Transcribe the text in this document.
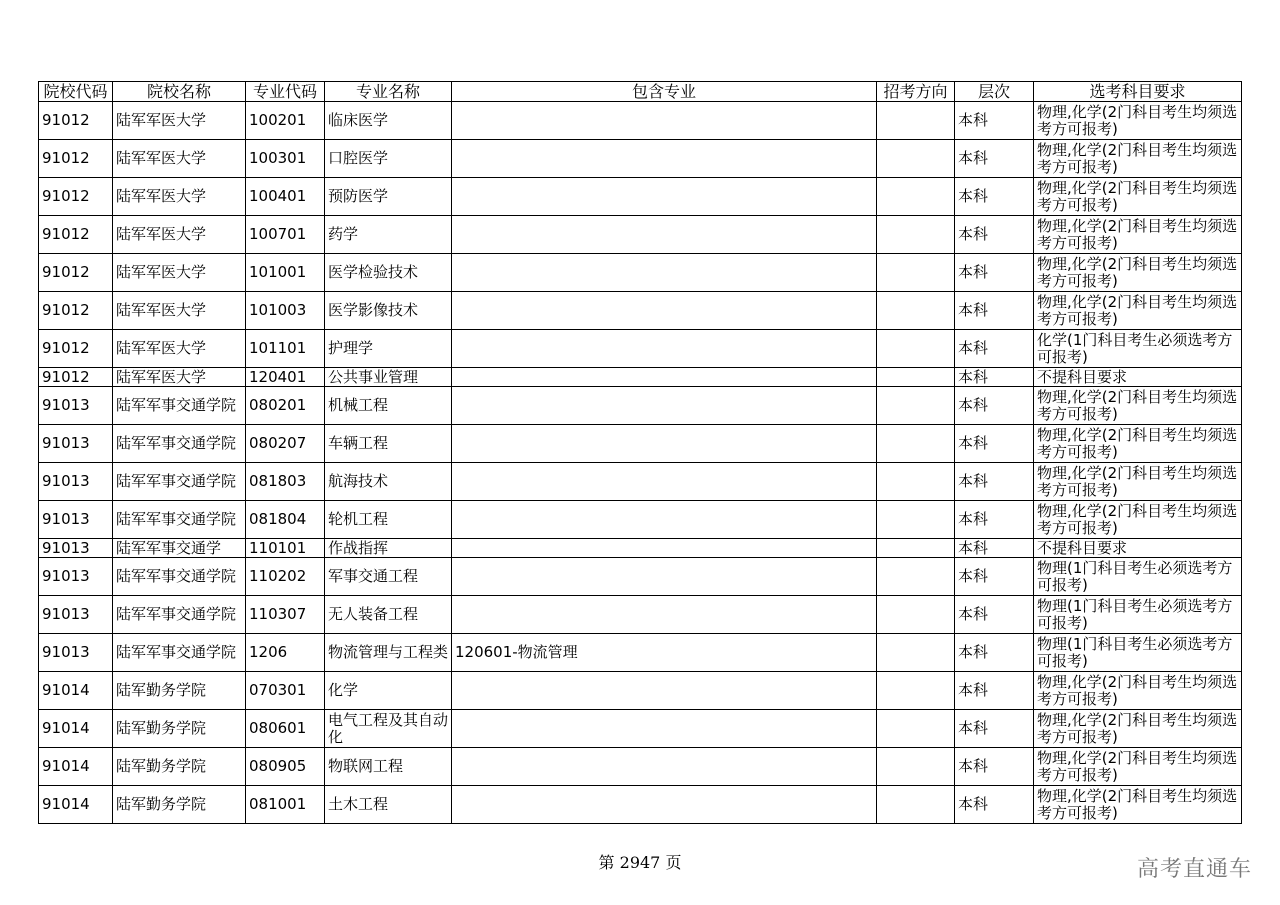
院校代码	院校名称	专业代码	专业名称	包含专业	招考方向	层次	选考科目要求
91012	陆军军医大学	100201	临床医学			本科	物理,化学(2门科目考生均须选考方可报考)
91012	陆军军医大学	100301	口腔医学			本科	物理,化学(2门科目考生均须选考方可报考)
91012	陆军军医大学	100401	预防医学			本科	物理,化学(2门科目考生均须选考方可报考)
91012	陆军军医大学	100701	药学			本科	物理,化学(2门科目考生均须选考方可报考)
91012	陆军军医大学	101001	医学检验技术			本科	物理,化学(2门科目考生均须选考方可报考)
91012	陆军军医大学	101003	医学影像技术			本科	物理,化学(2门科目考生均须选考方可报考)
91012	陆军军医大学	101101	护理学			本科	化学(1门科目考生必须选考方可报考)
91012	陆军军医大学	120401	公共事业管理			本科	不提科目要求
91013	陆军军事交通学院	080201	机械工程			本科	物理,化学(2门科目考生均须选考方可报考)
91013	陆军军事交通学院	080207	车辆工程			本科	物理,化学(2门科目考生均须选考方可报考)
91013	陆军军事交通学院	081803	航海技术			本科	物理,化学(2门科目考生均须选考方可报考)
91013	陆军军事交通学院	081804	轮机工程			本科	物理,化学(2门科目考生均须选考方可报考)
91013	陆军军事交通学	110101	作战指挥			本科	不提科目要求
91013	陆军军事交通学院	110202	军事交通工程			本科	物理(1门科目考生必须选考方可报考)
91013	陆军军事交通学院	110307	无人装备工程			本科	物理(1门科目考生必须选考方可报考)
91013	陆军军事交通学院	1206	物流管理与工程类	120601-物流管理		本科	物理(1门科目考生必须选考方可报考)
91014	陆军勤务学院	070301	化学			本科	物理,化学(2门科目考生均须选考方可报考)
91014	陆军勤务学院	080601	电气工程及其自动化			本科	物理,化学(2门科目考生均须选考方可报考)
91014	陆军勤务学院	080905	物联网工程			本科	物理,化学(2门科目考生均须选考方可报考)
91014	陆军勤务学院	081001	土木工程			本科	物理,化学(2门科目考生均须选考方可报考)
第 2947 页	高考直通车
